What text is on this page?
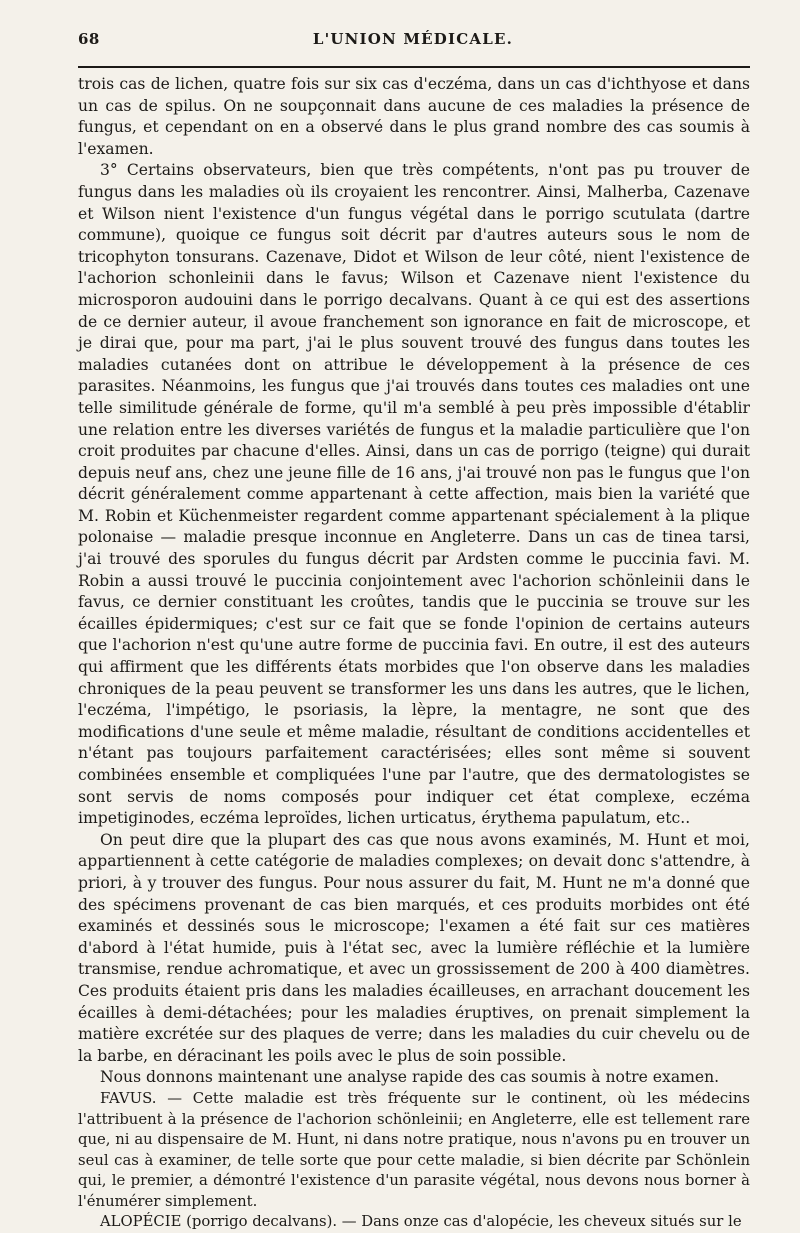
68	L'UNION MÉDICALE.

trois cas de lichen, quatre fois sur six cas d'eczéma, dans un cas d'ichthyose et dans un cas de spilus. On ne soupçonnait dans aucune de ces maladies la présence de fungus, et cependant on en a observé dans le plus grand nombre des cas soumis à l'examen.

3° Certains observateurs, bien que très compétents, n'ont pas pu trouver de fungus dans les maladies où ils croyaient les rencontrer. Ainsi, Malherba, Cazenave et Wilson nient l'existence d'un fungus végétal dans le porrigo scutulata (dartre commune), quoique ce fungus soit décrit par d'autres auteurs sous le nom de tricophyton tonsurans. Cazenave, Didot et Wilson de leur côté, nient l'existence de l'achorion schonleinii dans le favus; Wilson et Cazenave nient l'existence du microsporon audouini dans le porrigo decalvans. Quant à ce qui est des assertions de ce dernier auteur, il avoue franchement son ignorance en fait de microscope, et je dirai que, pour ma part, j'ai le plus souvent trouvé des fungus dans toutes les maladies cutanées dont on attribue le développement à la présence de ces parasites. Néanmoins, les fungus que j'ai trouvés dans toutes ces maladies ont une telle similitude générale de forme, qu'il m'a semblé à peu près impossible d'établir une relation entre les diverses variétés de fungus et la maladie particulière que l'on croit produites par chacune d'elles. Ainsi, dans un cas de porrigo (teigne) qui durait depuis neuf ans, chez une jeune fille de 16 ans, j'ai trouvé non pas le fungus que l'on décrit généralement comme appartenant à cette affection, mais bien la variété que M. Robin et Küchenmeister regardent comme appartenant spécialement à la plique polonaise — maladie presque inconnue en Angleterre. Dans un cas de tinea tarsi, j'ai trouvé des sporules du fungus décrit par Ardsten comme le puccinia favi. M. Robin a aussi trouvé le puccinia conjointement avec l'achorion schönleinii dans le favus, ce dernier constituant les croûtes, tandis que le puccinia se trouve sur les écailles épidermiques; c'est sur ce fait que se fonde l'opinion de certains auteurs que l'achorion n'est qu'une autre forme de puccinia favi. En outre, il est des auteurs qui affirment que les différents états morbides que l'on observe dans les maladies chroniques de la peau peuvent se transformer les uns dans les autres, que le lichen, l'eczéma, l'impétigo, le psoriasis, la lèpre, la mentagre, ne sont que des modifications d'une seule et même maladie, résultant de conditions accidentelles et n'étant pas toujours parfaitement caractérisées; elles sont même si souvent combinées ensemble et compliquées l'une par l'autre, que des dermatologistes se sont servis de noms composés pour indiquer cet état complexe, eczéma impetiginodes, eczéma leproïdes, lichen urticatus, érythema papulatum, etc..

On peut dire que la plupart des cas que nous avons examinés, M. Hunt et moi, appartiennent à cette catégorie de maladies complexes; on devait donc s'attendre, à priori, à y trouver des fungus. Pour nous assurer du fait, M. Hunt ne m'a donné que des spécimens provenant de cas bien marqués, et ces produits morbides ont été examinés et dessinés sous le microscope; l'examen a été fait sur ces matières d'abord à l'état humide, puis à l'état sec, avec la lumière réfléchie et la lumière transmise, rendue achromatique, et avec un grossissement de 200 à 400 diamètres. Ces produits étaient pris dans les maladies écailleuses, en arrachant doucement les écailles à demi-détachées; pour les maladies éruptives, on prenait simplement la matière excrétée sur des plaques de verre; dans les maladies du cuir chevelu ou de la barbe, en déracinant les poils avec le plus de soin possible.

Nous donnons maintenant une analyse rapide des cas soumis à notre examen.

FAVUS. — Cette maladie est très fréquente sur le continent, où les médecins l'attribuent à la présence de l'achorion schönleinii; en Angleterre, elle est tellement rare que, ni au dispensaire de M. Hunt, ni dans notre pratique, nous n'avons pu en trouver un seul cas à examiner, de telle sorte que pour cette maladie, si bien décrite par Schönlein qui, le premier, a démontré l'existence d'un parasite végétal, nous devons nous borner à l'énumérer simplement.

ALOPÉCIE (porrigo decalvans). — Dans onze cas d'alopécie, les cheveux situés sur le
